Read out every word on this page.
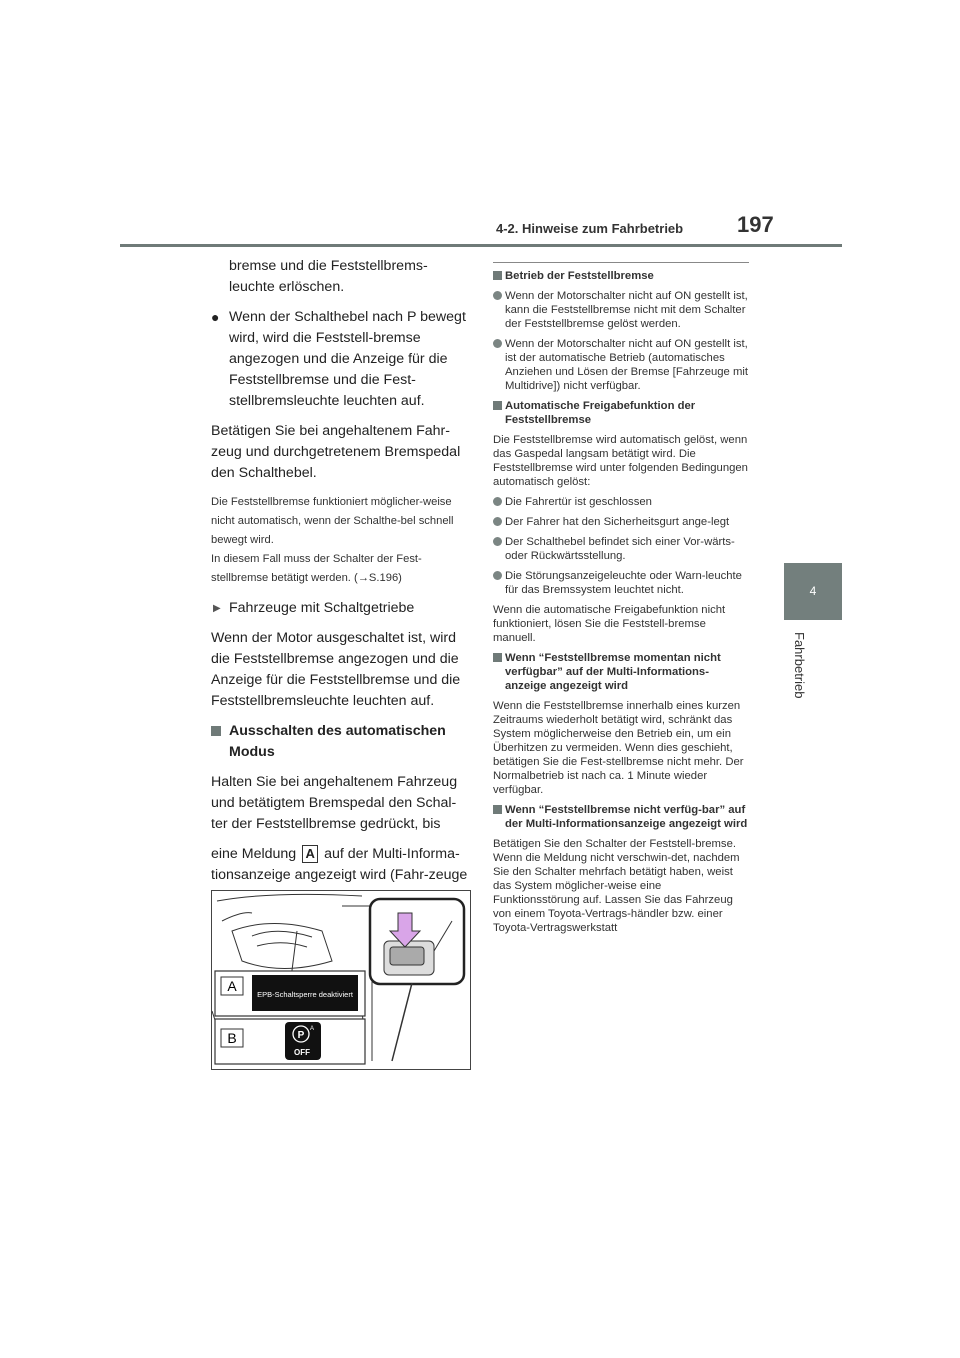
4-2. Hinweise zum Fahrbetrieb 197
4
Fahrbetrieb

bremse und die Feststellbrems-leuchte erlöschen.

● Wenn der Schalthebel nach P bewegt wird, wird die Feststell-bremse angezogen und die Anzeige für die Feststellbremse und die Fest-stellbremsleuchte leuchten auf.

Betätigen Sie bei angehaltenem Fahr-zeug und durchgetretenem Bremspedal den Schalthebel.

Die Feststellbremse funktioniert möglicher-weise nicht automatisch, wenn der Schalthe-bel schnell bewegt wird.

In diesem Fall muss der Schalter der Fest-stellbremse betätigt werden. (→S.196)

▶ Fahrzeuge mit Schaltgetriebe

Wenn der Motor ausgeschaltet ist, wird die Feststellbremse angezogen und die Anzeige für die Feststellbremse und die Feststellbremsleuchte leuchten auf.

Ausschalten des automatischen Modus

Halten Sie bei angehaltenem Fahrzeug und betätigtem Bremspedal den Schal-ter der Feststellbremse gedrückt, bis

eine Meldung A auf der Multi-Informa-tionsanzeige angezeigt wird (Fahr-zeuge

A
EPB-Schaltsperre deaktiviert
B	P
A
OFF

Betrieb der Feststellbremse

Wenn der Motorschalter nicht auf ON gestellt ist, kann die Feststellbremse nicht mit dem Schalter der Feststellbremse gelöst werden.

Wenn der Motorschalter nicht auf ON gestellt ist, ist der automatische Betrieb (automatisches Anziehen und Lösen der Bremse [Fahrzeuge mit Multidrive]) nicht verfügbar.

Automatische Freigabefunktion der Feststellbremse

Die Feststellbremse wird automatisch gelöst, wenn das Gaspedal langsam betätigt wird. Die Feststellbremse wird unter folgenden Bedingungen automatisch gelöst:

Die Fahrertür ist geschlossen

Der Fahrer hat den Sicherheitsgurt ange-legt

Der Schalthebel befindet sich einer Vor-wärts- oder Rückwärtsstellung.

Die Störungsanzeigeleuchte oder Warn-leuchte für das Bremssystem leuchtet nicht.

Wenn die automatische Freigabefunktion nicht funktioniert, lösen Sie die Feststell-bremse manuell.

Wenn “Feststellbremse momentan nicht verfügbar” auf der Multi-Informations-anzeige angezeigt wird

Wenn die Feststellbremse innerhalb eines kurzen Zeitraums wiederholt betätigt wird, schränkt das System möglicherweise den Betrieb ein, um ein Überhitzen zu vermeiden. Wenn dies geschieht, betätigen Sie die Fest-stellbremse nicht mehr. Der Normalbetrieb ist nach ca. 1 Minute wieder verfügbar.

Wenn “Feststellbremse nicht verfüg-bar” auf der Multi-Informationsanzeige angezeigt wird

Betätigen Sie den Schalter der Feststell-bremse. Wenn die Meldung nicht verschwin-det, nachdem Sie den Schalter mehrfach betätigt haben, weist das System möglicher-weise eine Funktionsstörung auf. Lassen Sie das Fahrzeug von einem Toyota-Vertrags-händler bzw. einer Toyota-Vertragswerkstatt
